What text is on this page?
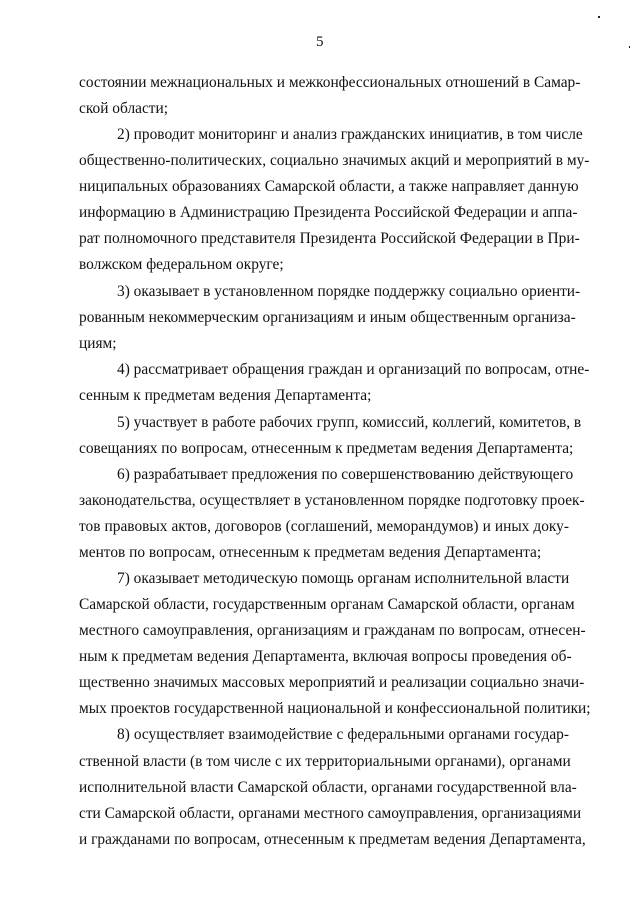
5
состоянии межнациональных и межконфессиональных отношений в Самар-
ской области;
2) проводит мониторинг и анализ гражданских инициатив, в том числе
общественно-политических, социально значимых акций и мероприятий в му-
ниципальных образованиях Самарской области, а также направляет данную
информацию в Администрацию Президента Российской Федерации и аппа-
рат полномочного представителя Президента Российской Федерации в При-
волжском федеральном округе;
3) оказывает в установленном порядке поддержку социально ориенти-
рованным некоммерческим организациям и иным общественным организа-
циям;
4) рассматривает обращения граждан и организаций по вопросам, отне-
сенным к предметам ведения Департамента;
5) участвует в работе рабочих групп, комиссий, коллегий, комитетов, в
совещаниях по вопросам, отнесенным к предметам ведения Департамента;
6) разрабатывает предложения по совершенствованию действующего
законодательства, осуществляет в установленном порядке подготовку проек-
тов правовых актов, договоров (соглашений, меморандумов) и иных доку-
ментов по вопросам, отнесенным к предметам ведения Департамента;
7) оказывает методическую помощь органам исполнительной власти
Самарской области, государственным органам Самарской области, органам
местного самоуправления, организациям и гражданам по вопросам, отнесен-
ным к предметам ведения Департамента, включая вопросы проведения об-
щественно значимых массовых мероприятий и реализации социально значи-
мых проектов государственной национальной и конфессиональной политики;
8) осуществляет взаимодействие с федеральными органами государ-
ственной власти (в том числе с их территориальными органами), органами
исполнительной власти Самарской области, органами государственной вла-
сти Самарской области, органами местного самоуправления, организациями
и гражданами по вопросам, отнесенным к предметам ведения Департамента,
